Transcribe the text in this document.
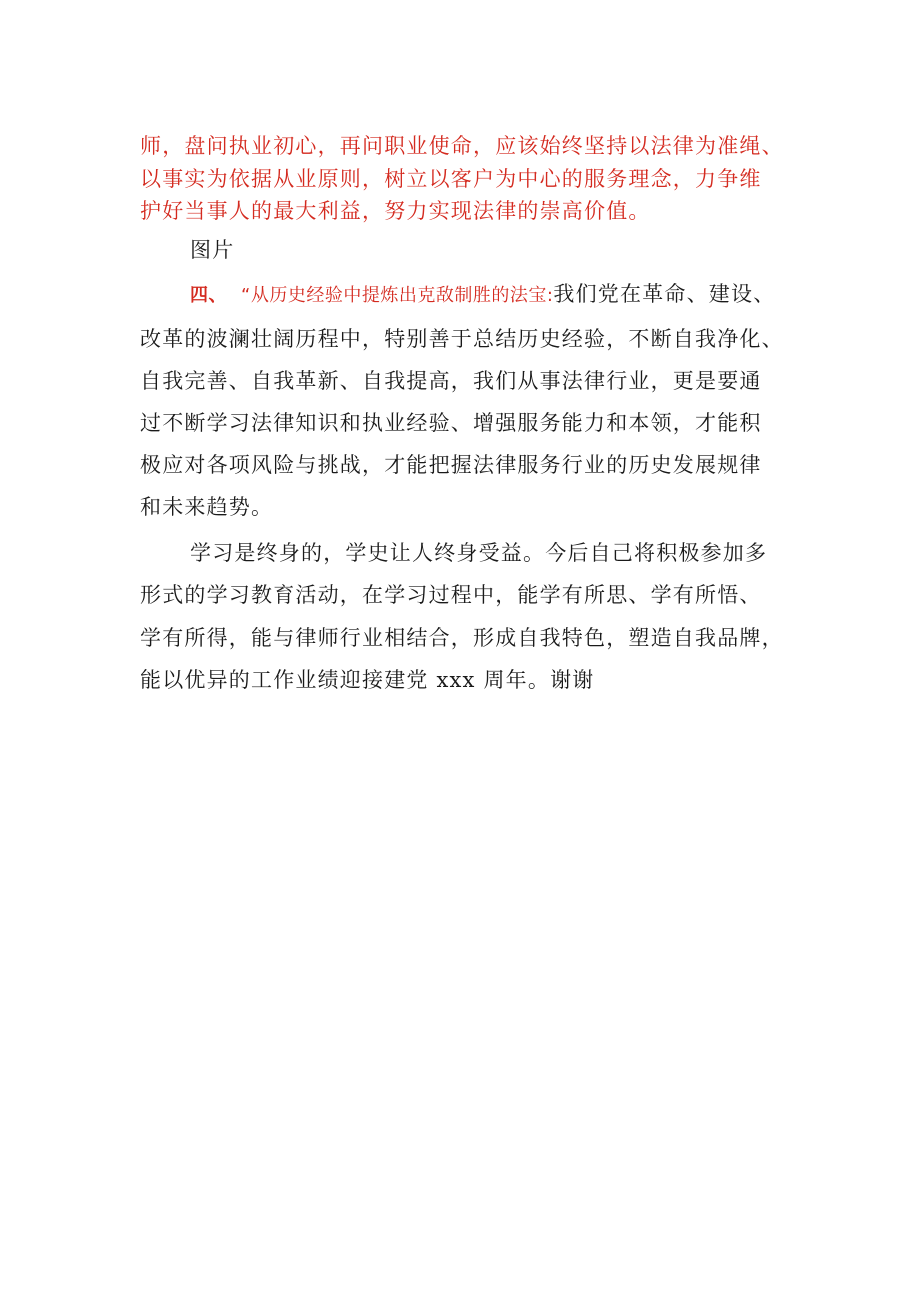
师，盘问执业初心，再问职业使命，应该始终坚持以法律为准绳、
以事实为依据从业原则，树立以客户为中心的服务理念，力争维
护好当事人的最大利益，努力实现法律的崇高价值。
图片
四、 “从历史经验中提炼出克敌制胜的法宝:我们党在革命、建设、
改革的波澜壮阔历程中，特别善于总结历史经验，不断自我净化、
自我完善、自我革新、自我提高，我们从事法律行业，更是要通
过不断学习法律知识和执业经验、增强服务能力和本领，才能积
极应对各项风险与挑战，才能把握法律服务行业的历史发展规律
和未来趋势。
学习是终身的，学史让人终身受益。今后自己将积极参加多
形式的学习教育活动，在学习过程中，能学有所思、学有所悟、
学有所得，能与律师行业相结合，形成自我特色，塑造自我品牌，
能以优异的工作业绩迎接建党 xxx 周年。谢谢
